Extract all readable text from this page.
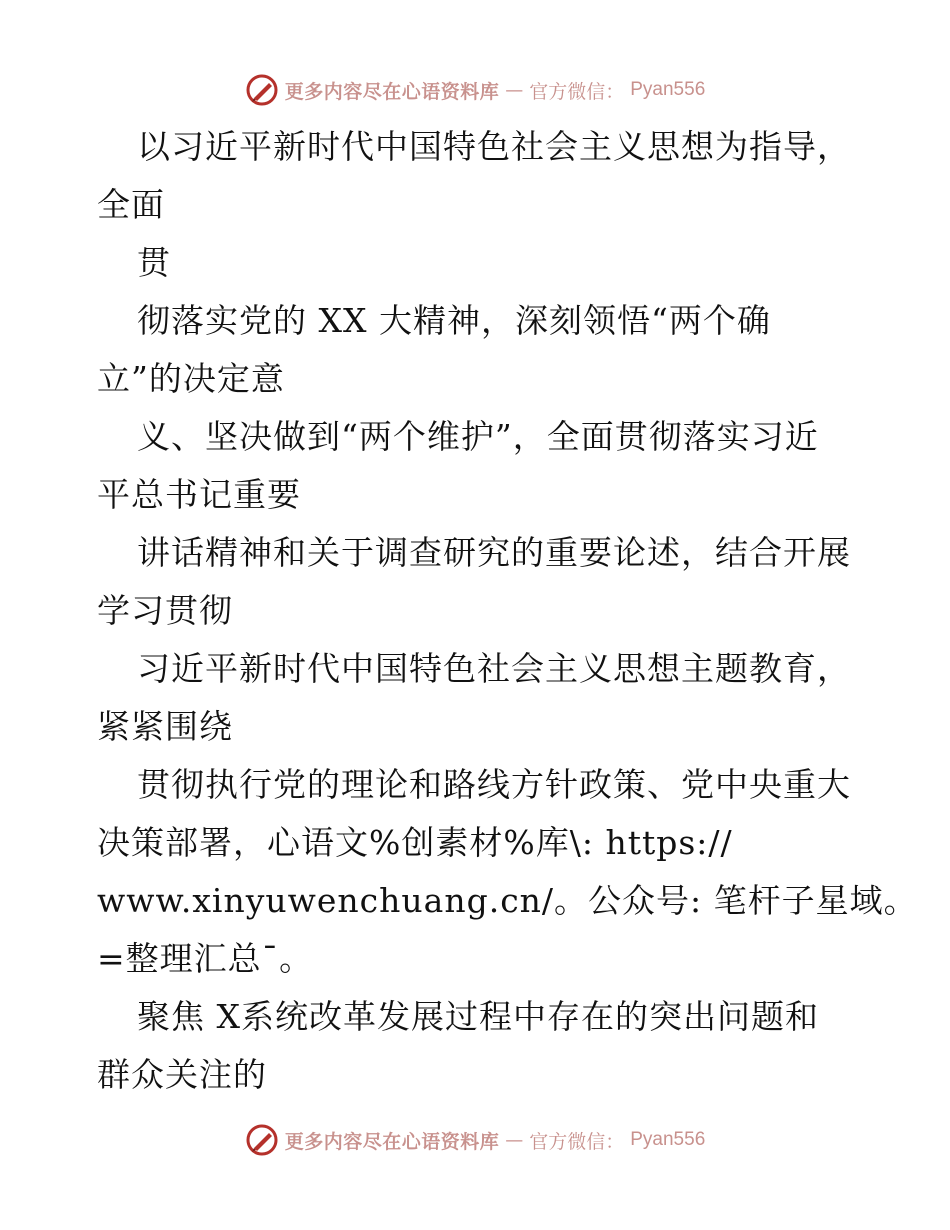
更多内容尽在心语资料库 — 官方微信： Pyan556
以习近平新时代中国特色社会主义思想为指导，
全面
贯
彻落实党的 XX 大精神，深刻领悟“两个确
立”的决定意
义、坚决做到“两个维护”，全面贯彻落实习近
平总书记重要
讲话精神和关于调查研究的重要论述，结合开展
学习贯彻
习近平新时代中国特色社会主义思想主题教育，
紧紧围绕
贯彻执行党的理论和路线方针政策、党中央重大
决策部署，心语文%创素材%库\: https://
www.xinyuwenchuang.cn/。公众号: 笔杆子星域。
=整理汇总¯。
聚焦 X系统改革发展过程中存在的突出问题和
群众关注的
更多内容尽在心语资料库 — 官方微信： Pyan556
